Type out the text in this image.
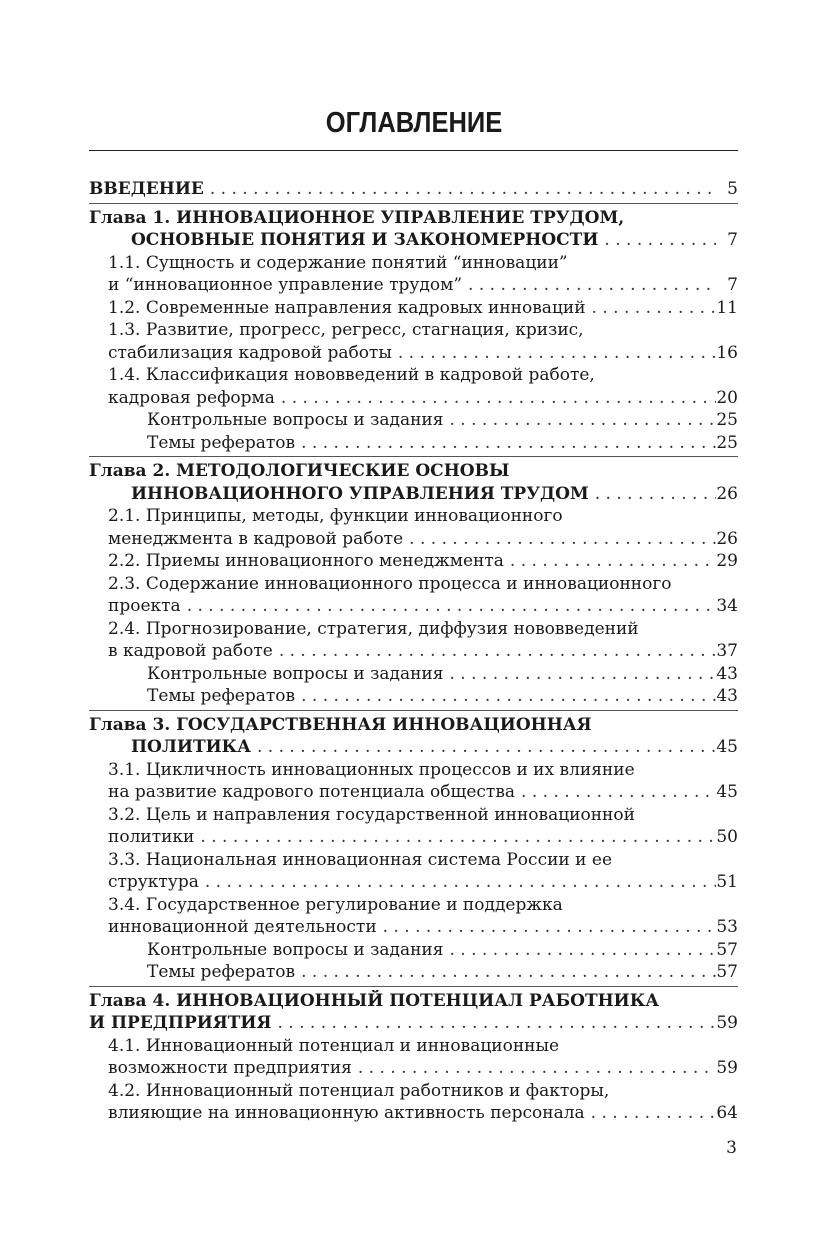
ОГЛАВЛЕНИЕ
ВВЕДЕНИЕ . . .	5
Глава 1. ИННОВАЦИОННОЕ УПРАВЛЕНИЕ ТРУДОМ,
ОСНОВНЫЕ ПОНЯТИЯ И ЗАКОНОМЕРНОСТИ . . .	7
1.1. Сущность и содержание понятий “инновации”
и “инновационное управление трудом” . . .	7
1.2. Современные направления кадровых инноваций . . .	11
1.3. Развитие, прогресс, регресс, стагнация, кризис,
стабилизация кадровой работы . . .	16
1.4. Классификация нововведений в кадровой работе,
кадровая реформа . . .	20
Контрольные вопросы и задания . . .	25
Темы рефератов . . .	25
Глава 2. МЕТОДОЛОГИЧЕСКИЕ ОСНОВЫ
ИННОВАЦИОННОГО УПРАВЛЕНИЯ ТРУДОМ . . .	26
2.1. Принципы, методы, функции инновационного
менеджмента в кадровой работе . . .	26
2.2. Приемы инновационного менеджмента . . .	29
2.3. Содержание инновационного процесса и инновационного
проекта . . .	34
2.4. Прогнозирование, стратегия, диффузия нововведений
в кадровой работе . . .	37
Контрольные вопросы и задания . . .	43
Темы рефератов . . .	43
Глава 3. ГОСУДАРСТВЕННАЯ ИННОВАЦИОННАЯ
ПОЛИТИКА . . .	45
3.1. Цикличность инновационных процессов и их влияние
на развитие кадрового потенциала общества . . .	45
3.2. Цель и направления государственной инновационной
политики . . .	50
3.3. Национальная инновационная система России и ее
структура . . .	51
3.4. Государственное регулирование и поддержка
инновационной деятельности . . .	53
Контрольные вопросы и задания . . .	57
Темы рефератов . . .	57
Глава 4. ИННОВАЦИОННЫЙ ПОТЕНЦИАЛ РАБОТНИКА
И ПРЕДПРИЯТИЯ . . .	59
4.1. Инновационный потенциал и инновационные
возможности предприятия . . .	59
4.2. Инновационный потенциал работников и факторы,
влияющие на инновационную активность персонала . . .	64
3
